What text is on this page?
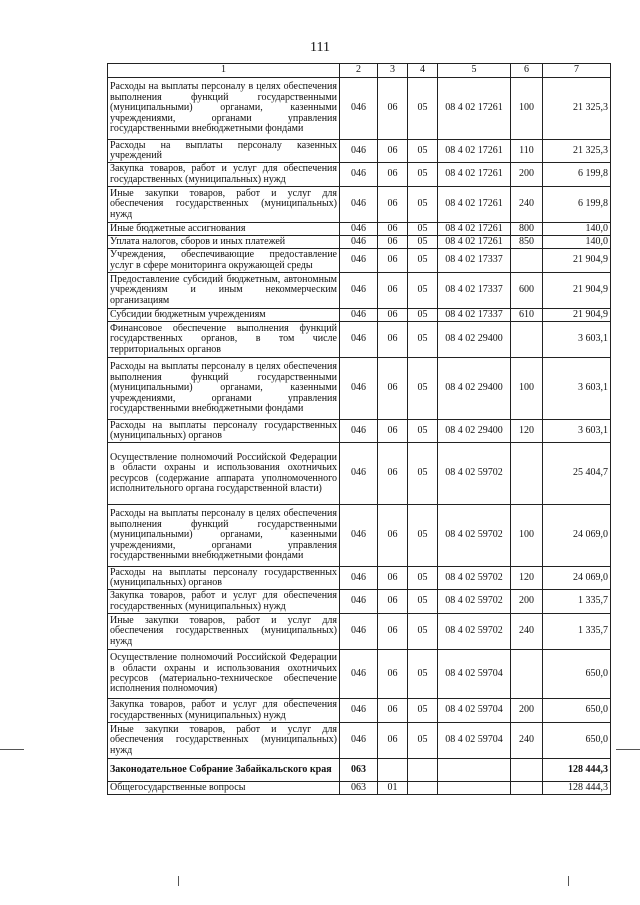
111
1	2	3	4	5	6	7
Расходы на выплаты персоналу в целях обеспечения выполнения функций государственными (муниципальными) органами, казенными учреждениями, органами управления государственными внебюджетными фондами	046	06	05	08 4 02 17261	100	21 325,3
Расходы на выплаты персоналу казенных учреждений	046	06	05	08 4 02 17261	110	21 325,3
Закупка товаров, работ и услуг для обеспечения государственных (муниципальных) нужд	046	06	05	08 4 02 17261	200	6 199,8
Иные закупки товаров, работ и услуг для обеспечения государственных (муниципальных) нужд	046	06	05	08 4 02 17261	240	6 199,8
Иные бюджетные ассигнования	046	06	05	08 4 02 17261	800	140,0
Уплата налогов, сборов и иных платежей	046	06	05	08 4 02 17261	850	140,0
Учреждения, обеспечивающие предоставление услуг в сфере мониторинга окружающей среды	046	06	05	08 4 02 17337		21 904,9
Предоставление субсидий бюджетным, автономным учреждениям и иным некоммерческим организациям	046	06	05	08 4 02 17337	600	21 904,9
Субсидии бюджетным учреждениям	046	06	05	08 4 02 17337	610	21 904,9
Финансовое обеспечение выполнения функций государственных органов, в том числе территориальных органов	046	06	05	08 4 02 29400		3 603,1
Расходы на выплаты персоналу в целях обеспечения выполнения функций государственными (муниципальными) органами, казенными учреждениями, органами управления государственными внебюджетными фондами	046	06	05	08 4 02 29400	100	3 603,1
Расходы на выплаты персоналу государственных (муниципальных) органов	046	06	05	08 4 02 29400	120	3 603,1
Осуществление полномочий Российской Федерации в области охраны и использования охотничьих ресурсов (содержание аппарата уполномоченного исполнительного органа государственной власти)	046	06	05	08 4 02 59702		25 404,7
Расходы на выплаты персоналу в целях обеспечения выполнения функций государственными (муниципальными) органами, казенными учреждениями, органами управления государственными внебюджетными фондами	046	06	05	08 4 02 59702	100	24 069,0
Расходы на выплаты персоналу государственных (муниципальных) органов	046	06	05	08 4 02 59702	120	24 069,0
Закупка товаров, работ и услуг для обеспечения государственных (муниципальных) нужд	046	06	05	08 4 02 59702	200	1 335,7
Иные закупки товаров, работ и услуг для обеспечения государственных (муниципальных) нужд	046	06	05	08 4 02 59702	240	1 335,7
Осуществление полномочий Российской Федерации в области охраны и использования охотничьих ресурсов (материально-техническое обеспечение исполнения полномочия)	046	06	05	08 4 02 59704		650,0
Закупка товаров, работ и услуг для обеспечения государственных (муниципальных) нужд	046	06	05	08 4 02 59704	200	650,0
Иные закупки товаров, работ и услуг для обеспечения государственных (муниципальных) нужд	046	06	05	08 4 02 59704	240	650,0
Законодательное Собрание Забайкальского края	063					128 444,3
Общегосударственные вопросы	063	01				128 444,3
